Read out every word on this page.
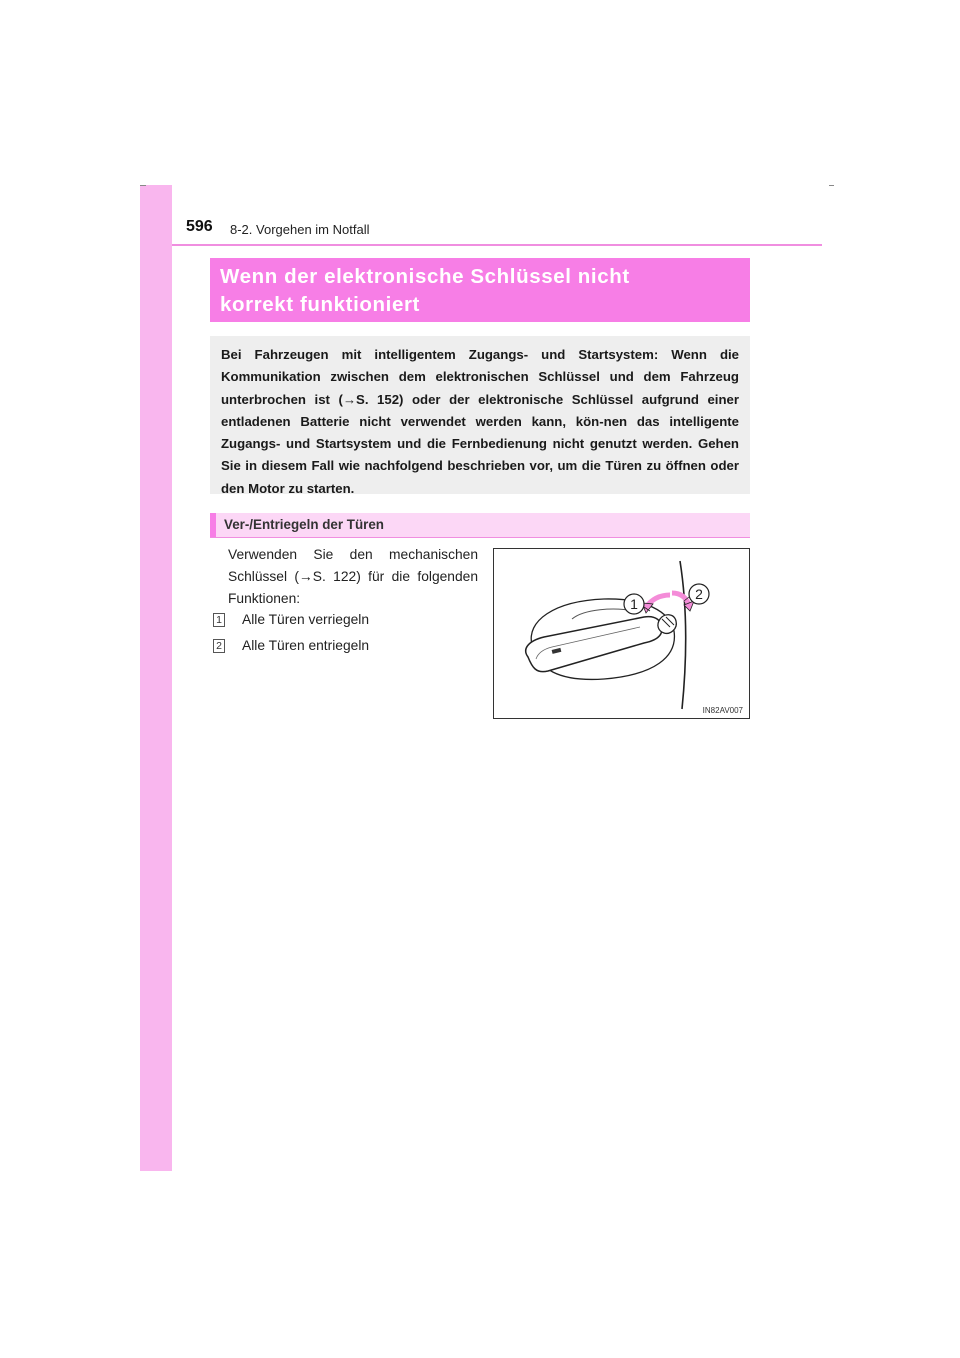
596 8-2. Vorgehen im Notfall
Wenn der elektronische Schlüssel nicht
korrekt funktioniert

Bei Fahrzeugen mit intelligentem Zugangs- und Startsystem: Wenn die Kommunikation zwischen dem elektronischen Schlüssel und dem Fahrzeug unterbrochen ist (→S. 152) oder der elektronische Schlüssel aufgrund einer entladenen Batterie nicht verwendet werden kann, kön-nen das intelligente Zugangs- und Startsystem und die Fernbedienung nicht genutzt werden. Gehen Sie in diesem Fall wie nachfolgend beschrieben vor, um die Türen zu öffnen oder den Motor zu starten.

Ver-/Entriegeln der Türen
Verwenden Sie den mechanischen Schlüssel (→S. 122) für die folgenden Funktionen:
1 Alle Türen verriegeln
2 Alle Türen entriegeln
1
2
IN82AV007
